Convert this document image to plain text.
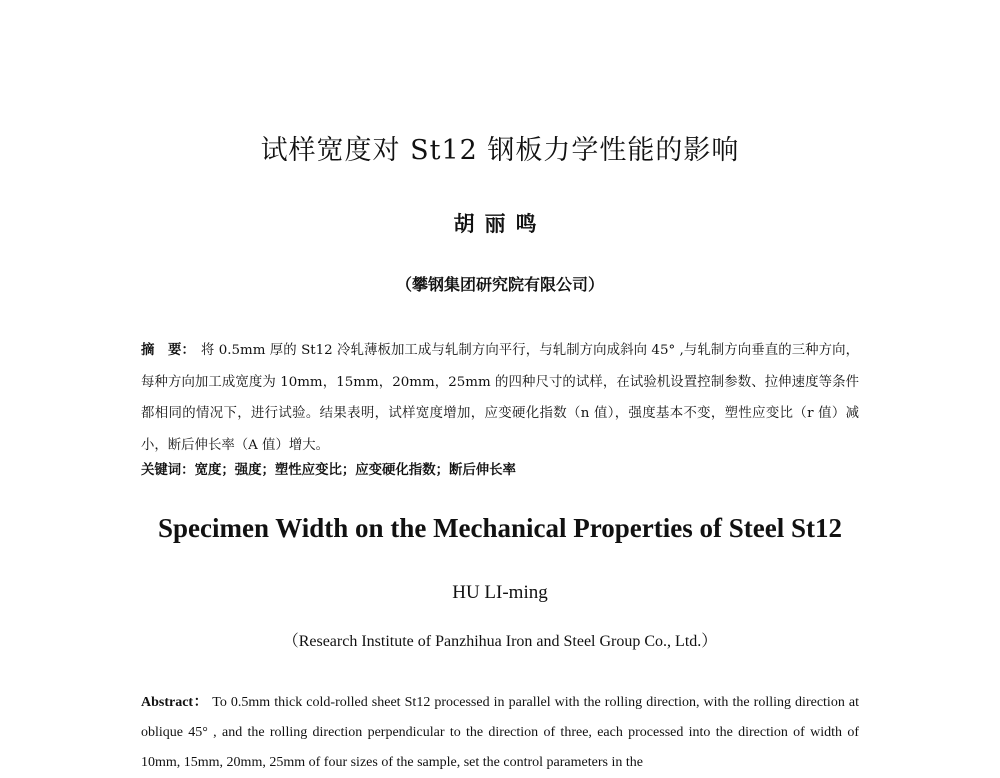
试样宽度对 St12 钢板力学性能的影响
胡丽鸣
（攀钢集团研究院有限公司）

摘　要： 将 0.5mm 厚的 St12 冷轧薄板加工成与轧制方向平行，与轧制方向成斜向 45° ,与轧制方向垂直的三种方向，每种方向加工成宽度为 10mm，15mm，20mm，25mm 的四种尺寸的试样，在试验机设置控制参数、拉伸速度等条件都相同的情况下，进行试验。结果表明，试样宽度增加，应变硬化指数（n 值），强度基本不变，塑性应变比（r 值）减小，断后伸长率（A 值）增大。

关键词：宽度；强度；塑性应变比；应变硬化指数；断后伸长率

Specimen Width on the Mechanical Properties of Steel St12
HU LI-ming
（Research Institute of Panzhihua Iron and Steel Group Co., Ltd.）

Abstract： To 0.5mm thick cold-rolled sheet St12 processed in parallel with the rolling direction, with the rolling direction at oblique 45° , and the rolling direction perpendicular to the direction of three, each processed into the direction of width of 10mm, 15mm, 20mm, 25mm of four sizes of the sample, set the control parameters in the
